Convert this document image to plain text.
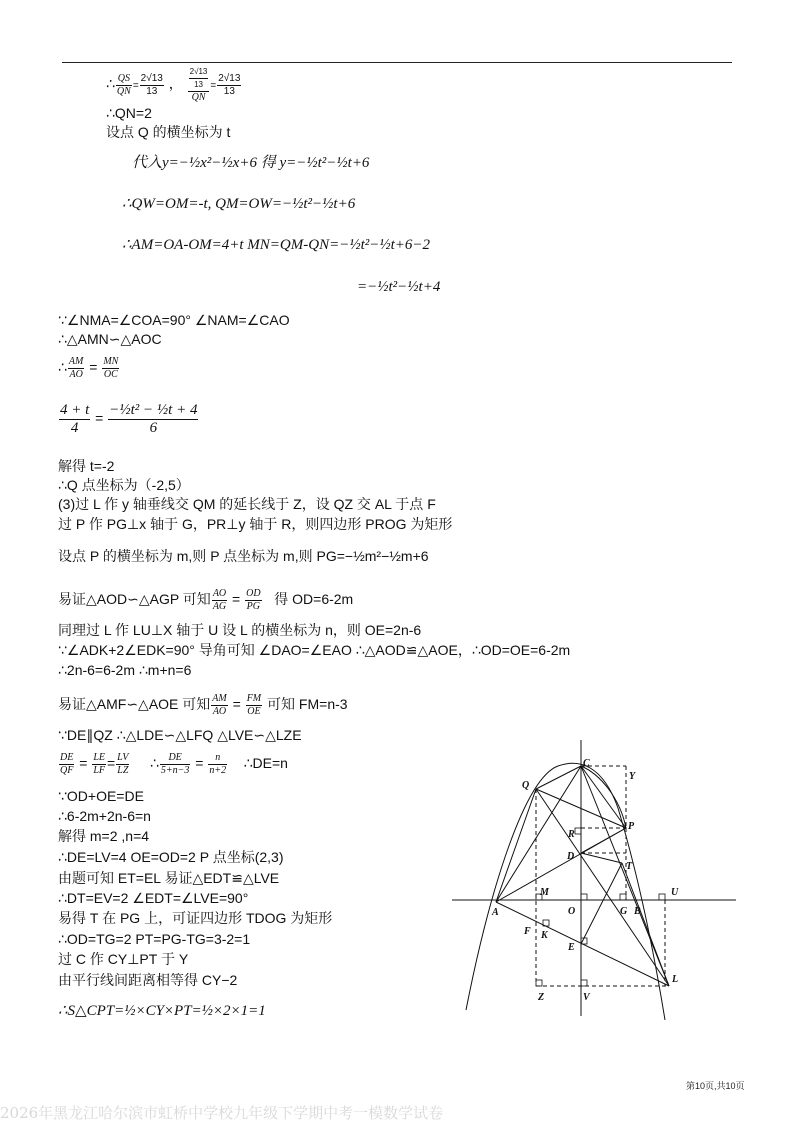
∴ $\frac{QS}{QN} = \frac{2√13}{13}$ ， $\frac{\frac{2√13}{13}}{QN} = \frac{2√13}{13}$
∴QN=2
设点 Q 的横坐标为 t
代入y=−½x²−½x+6 得 y=−½t²−½t+6
∴QW=OM=-t, QM=OW=−½t²−½t+6
∴AM=OA-OM=4+t MN=QM-QN=−½t²−½t+6−2
=−½t²−½t+4
∵∠NMA=∠COA=90° ∠NAM=∠CAO
∴△AMN∽△AOC
∴ $\frac{AM}{AO} = \frac{MN}{OC}$
$\frac{4 + t}{4} = \frac{\text{−½t² − ½t + 4}}{6}$
解得 t=-2
∴Q 点坐标为（-2,5）
(3)过 L 作 y 轴垂线交 QM 的延长线于 Z，设 QZ 交 AL 于点 F
过 P 作 PG⊥x 轴于 G，PR⊥y 轴于 R，则四边形 PROG 为矩形
设点 P 的横坐标为 m,则 P 点坐标为 m,则 PG=−½m²−½m+6
易证△AOD∽△AGP 可知 $\frac{AO}{AG} = \frac{OD}{PG}$ 得 OD=6-2m
同理过 L 作 LU⊥X 轴于 U 设 L 的横坐标为 n，则 OE=2n-6
∵∠ADK+2∠EDK=90° 导角可知 ∠DAO=∠EAO ∴△AOD≌△AOE，∴OD=OE=6-2m
∴2n-6=6-2m ∴m+n=6
易证△AMF∽△AOE 可知 $\frac{AM}{AO} = \frac{FM}{OE}$ 可知 FM=n-3
∵DE∥QZ ∴△LDE∽△LFQ △LVE∽△LZE
$\frac{DE}{QF} = \frac{LE}{LF} = \frac{LV}{LZ}$ ∴ $\frac{DE}{5+n-3} = \frac{n}{n+2}$ ∴DE=n
∵OD+OE=DE
∴6-2m+2n-6=n
解得 m=2 ,n=4
∴DE=LV=4 OE=OD=2 P 点坐标(2,3)
由题可知 ET=EL 易证△EDT≌△LVE
∴DT=EV=2 ∠EDT=∠LVE=90°
易得 T 在 PG 上，可证四边形 TDOG 为矩形
∴OD=TG=2 PT=PG-TG=3-2=1
过 C 作 CY⊥PT 于 Y
由平行线间距离相等得 CY−2
∴S△CPT=½×CY×PT=½×2×1=1
C
Y
Q
P
R
D
T
U
M
O	G B
A
F K
E
L
Z	V
第10页,共10页
2026年黑龙江哈尔滨市虹桥中学校九年级下学期中考一模数学试卷
